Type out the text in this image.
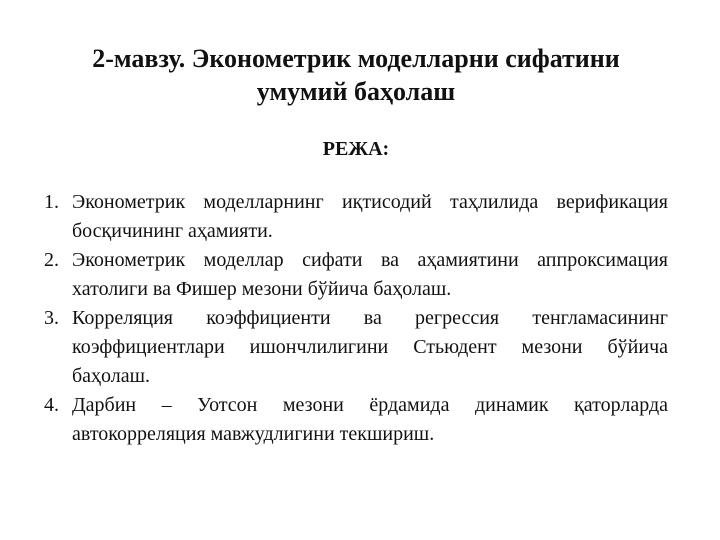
2-мавзу. Эконометрик моделларни сифатини
умумий баҳолаш
РЕЖА:
1. Эконометрик моделларнинг иқтисодий таҳлилида верификация босқичининг аҳамияти.
2. Эконометрик моделлар сифати ва аҳамиятини аппроксимация хатолиги ва Фишер мезони бўйича баҳолаш.
3. Корреляция коэффициенти ва регрессия тенгламасининг коэффициентлари ишончлилигини Стьюдент мезони бўйича баҳолаш.
4. Дарбин – Уотсон мезони ёрдамида динамик қаторларда автокорреляция мавжудлигини текшириш.
